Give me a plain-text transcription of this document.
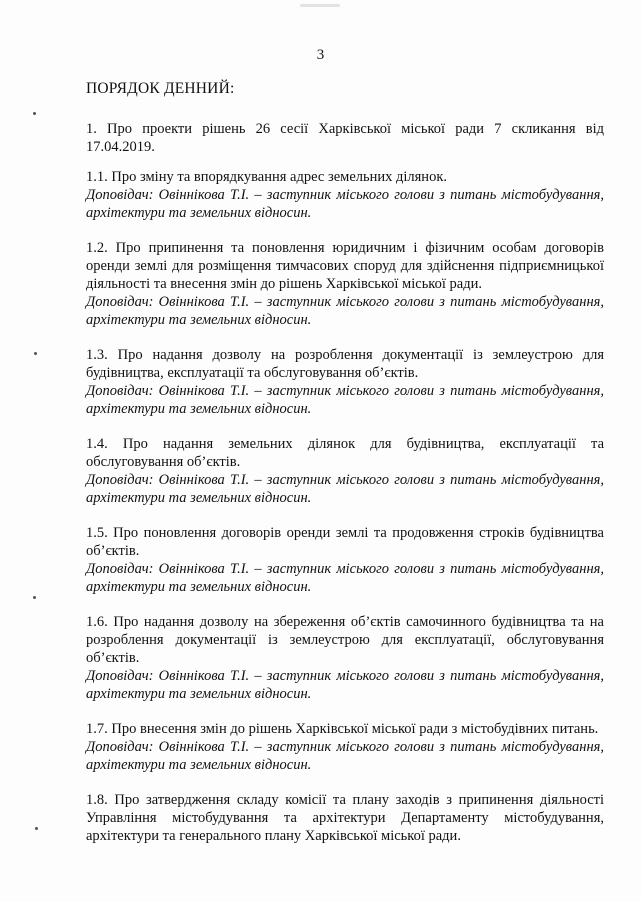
3
ПОРЯДОК ДЕННИЙ:

1. Про проекти рішень 26 сесії Харківської міської ради 7 скликання від 17.04.2019.

1.1. Про зміну та впорядкування адрес земельних ділянок.

Доповідач: Овіннікова Т.І. – заступник міського голови з питань містобудування, архітектури та земельних відносин.

1.2. Про припинення та поновлення юридичним і фізичним особам договорів оренди землі для розміщення тимчасових споруд для здійснення підприємницької діяльності та внесення змін до рішень Харківської міської ради.

Доповідач: Овіннікова Т.І. – заступник міського голови з питань містобудування, архітектури та земельних відносин.

1.3. Про надання дозволу на розроблення документації із землеустрою для будівництва, експлуатації та обслуговування об’єктів.

Доповідач: Овіннікова Т.І. – заступник міського голови з питань містобудування, архітектури та земельних відносин.

1.4. Про надання земельних ділянок для будівництва, експлуатації та обслуговування об’єктів.

Доповідач: Овіннікова Т.І. – заступник міського голови з питань містобудування, архітектури та земельних відносин.

1.5. Про поновлення договорів оренди землі та продовження строків будівництва об’єктів.

Доповідач: Овіннікова Т.І. – заступник міського голови з питань містобудування, архітектури та земельних відносин.

1.6. Про надання дозволу на збереження об’єктів самочинного будівництва та на розроблення документації із землеустрою для експлуатації, обслуговування об’єктів.

Доповідач: Овіннікова Т.І. – заступник міського голови з питань містобудування, архітектури та земельних відносин.

1.7. Про внесення змін до рішень Харківської міської ради з містобудівних питань.

Доповідач: Овіннікова Т.І. – заступник міського голови з питань містобудування, архітектури та земельних відносин.

1.8. Про затвердження складу комісії та плану заходів з припинення діяльності Управління містобудування та архітектури Департаменту містобудування, архітектури та генерального плану Харківської міської ради.
